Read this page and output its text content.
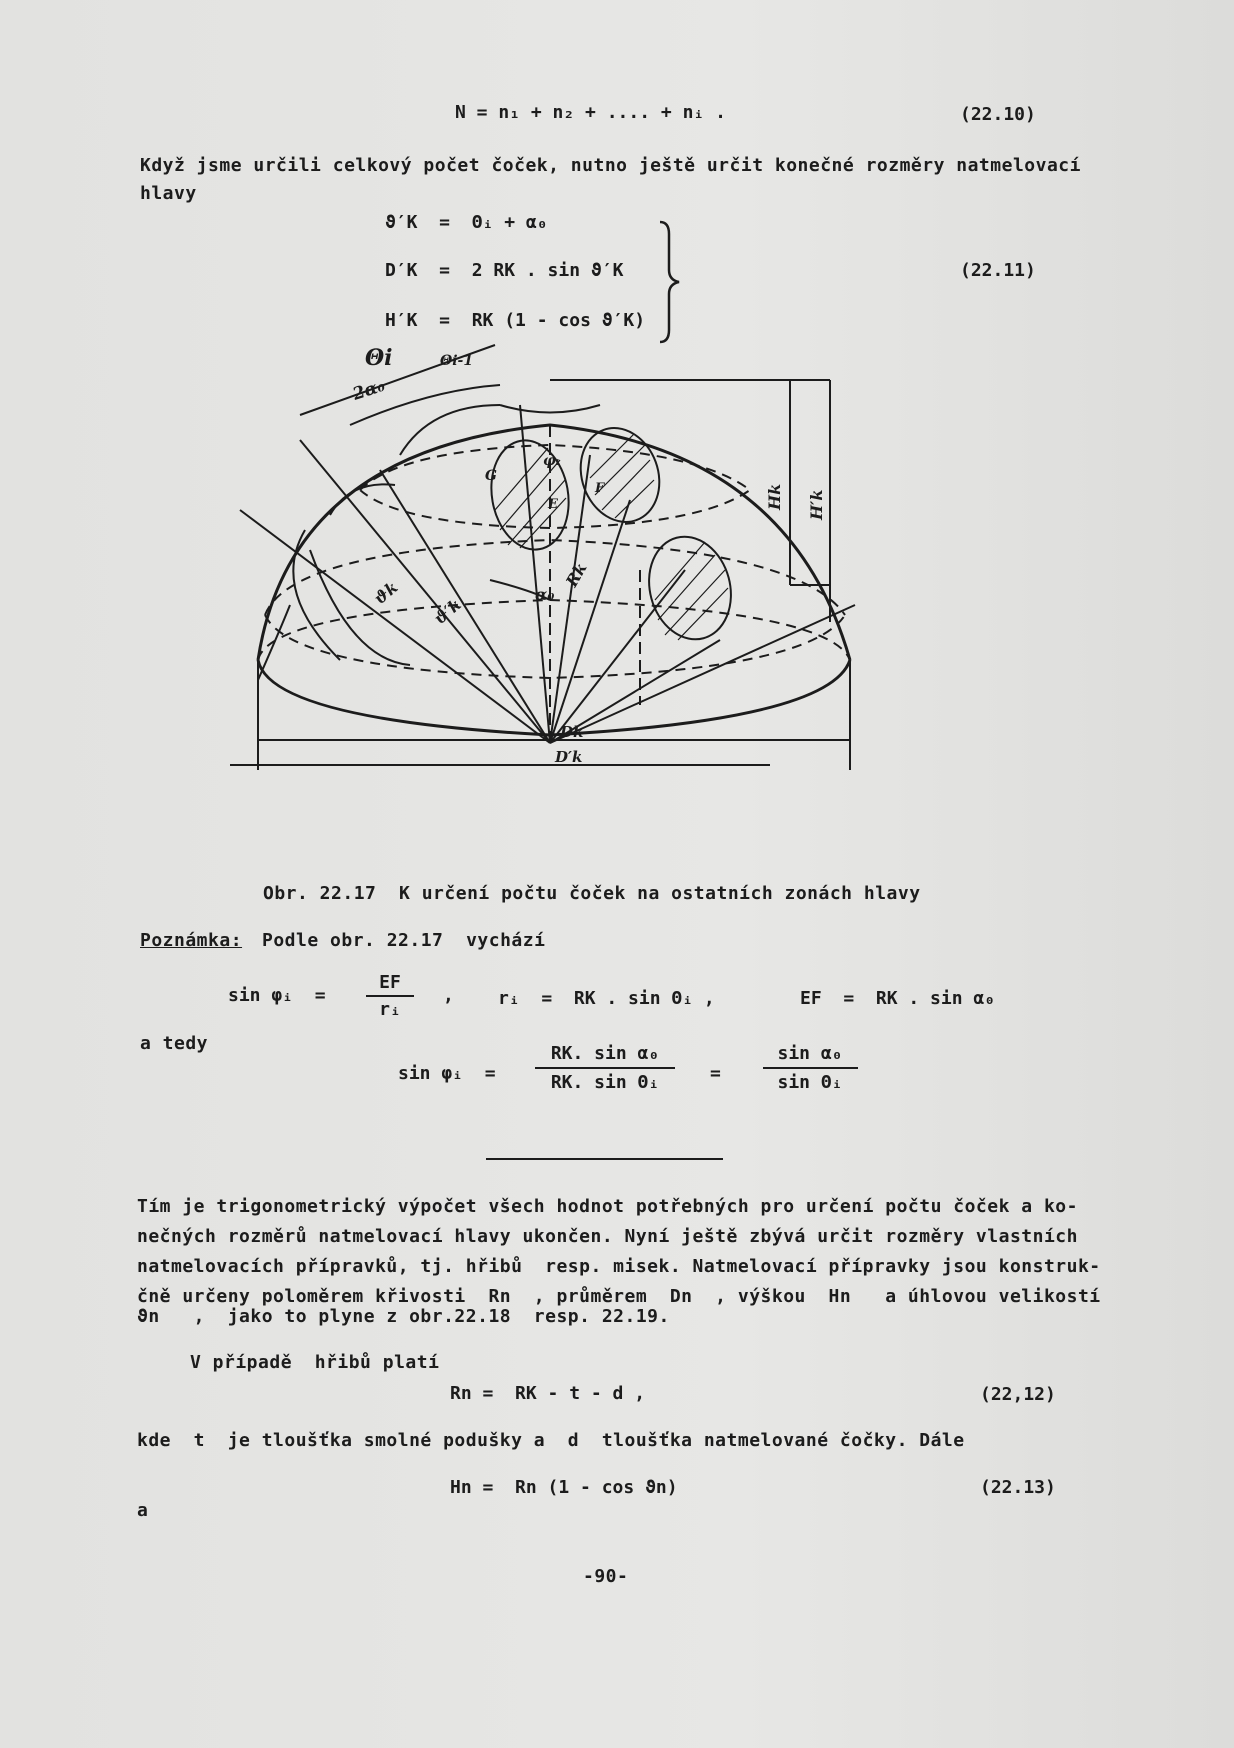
N = n₁ + n₂ + .... + nᵢ .	(22.10)
Když jsme určili celkový počet čoček, nutno ještě určit konečné rozměry natmelovací
hlavy
ϑ′K  =  Θᵢ + α₀
D′K  =  2 RK . sin ϑ′K
H′K  =  RK (1 - cos ϑ′K)
(22.11)
Θi	Θi-1
2α₀
φᵢ
G
E
F
α₀
Rk
ϑk
ϑ′k
Hk H′k
Dk
D′k
Obr. 22.17  K určení počtu čoček na ostatních zonách hlavy
Poznámka: Podle obr. 22.17  vychází
sin φᵢ  =
EF
rᵢ
, rᵢ  =  RK . sin Θᵢ ,	EF  =  RK . sin α₀
a tedy
sin φᵢ  =
RK. sin α₀
RK. sin Θᵢ	=
sin α₀
sin Θᵢ
Tím je trigonometrický výpočet všech hodnot potřebných pro určení počtu čoček a ko-
nečných rozměrů natmelovací hlavy ukončen. Nyní ještě zbývá určit rozměry vlastních
natmelovacích přípravků, tj. hřibů  resp. misek. Natmelovací přípravky jsou konstruk-
čně určeny poloměrem křivosti  Rn  , průměrem  Dn  , výškou  Hn   a úhlovou velikostí
ϑn   ,  jako to plyne z obr.22.18  resp. 22.19.
V případě  hřibů platí
Rn =  RK - t - d ,	(22,12)
kde  t  je tloušťka smolné podušky a  d  tloušťka natmelované čočky. Dále
Hn =  Rn (1 - cos ϑn)	(22.13)
a
-90-
